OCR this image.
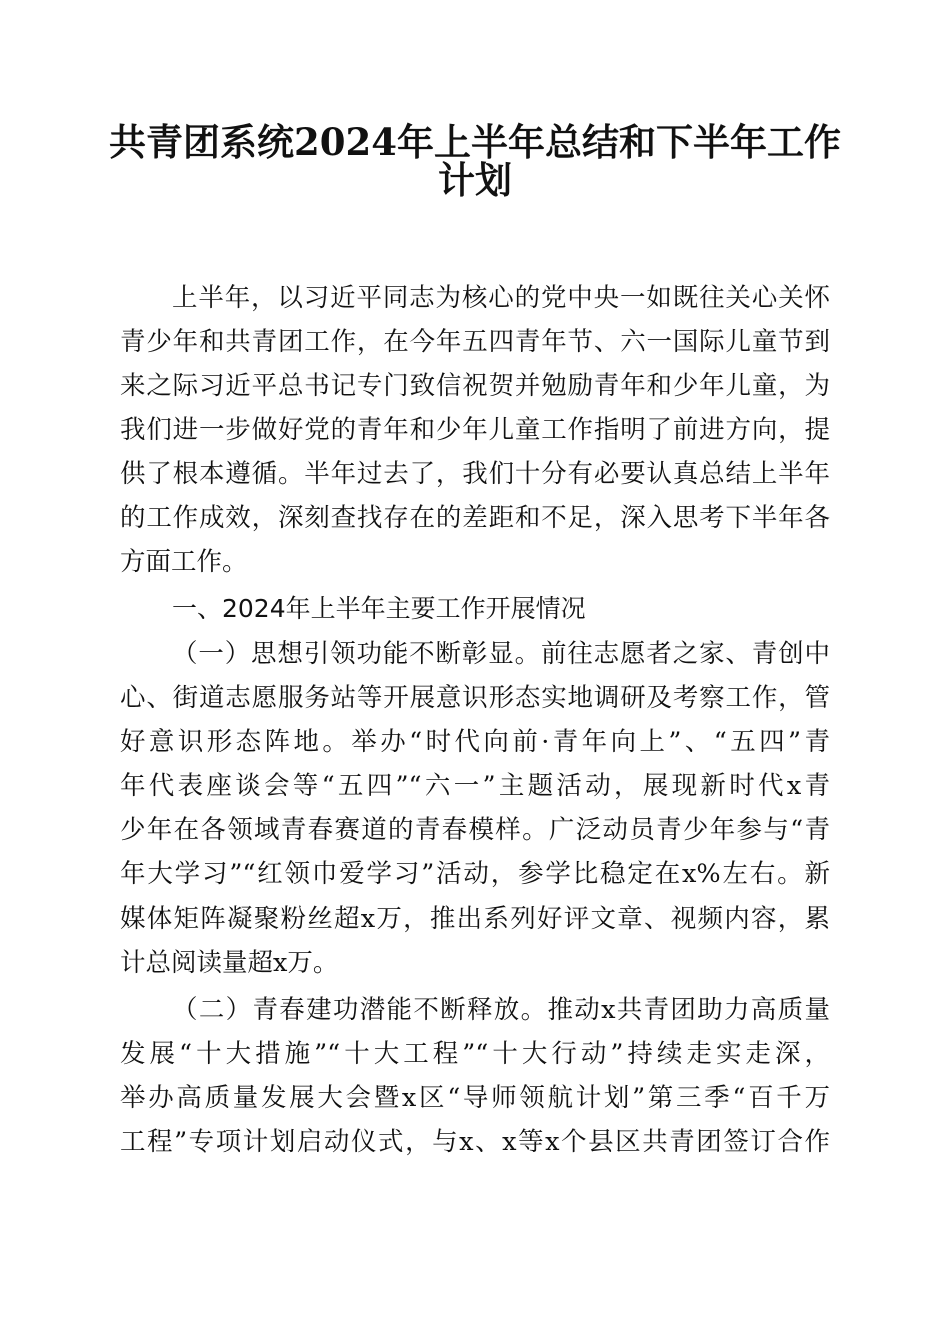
共青团系统2024年上半年总结和下半年工作
计划
上半年，以习近平同志为核心的党中央一如既往关心关怀
青少年和共青团工作，在今年五四青年节、六一国际儿童节到
来之际习近平总书记专门致信祝贺并勉励青年和少年儿童，为
我们进一步做好党的青年和少年儿童工作指明了前进方向，提
供了根本遵循。半年过去了，我们十分有必要认真总结上半年
的工作成效，深刻查找存在的差距和不足，深入思考下半年各
方面工作。
一、2024年上半年主要工作开展情况
（一）思想引领功能不断彰显。前往志愿者之家、青创中
心、街道志愿服务站等开展意识形态实地调研及考察工作，管
好意识形态阵地。举办“时代向前·青年向上”、“五四”青
年代表座谈会等“五四”“六一”主题活动，展现新时代x青
少年在各领域青春赛道的青春模样。广泛动员青少年参与“青
年大学习”“红领巾爱学习”活动，参学比稳定在x%左右。新
媒体矩阵凝聚粉丝超x万，推出系列好评文章、视频内容，累
计总阅读量超x万。
（二）青春建功潜能不断释放。推动x共青团助力高质量
发展“十大措施”“十大工程”“十大行动”持续走实走深，
举办高质量发展大会暨x区“导师领航计划”第三季“百千万
工程”专项计划启动仪式，与x、x等x个县区共青团签订合作
